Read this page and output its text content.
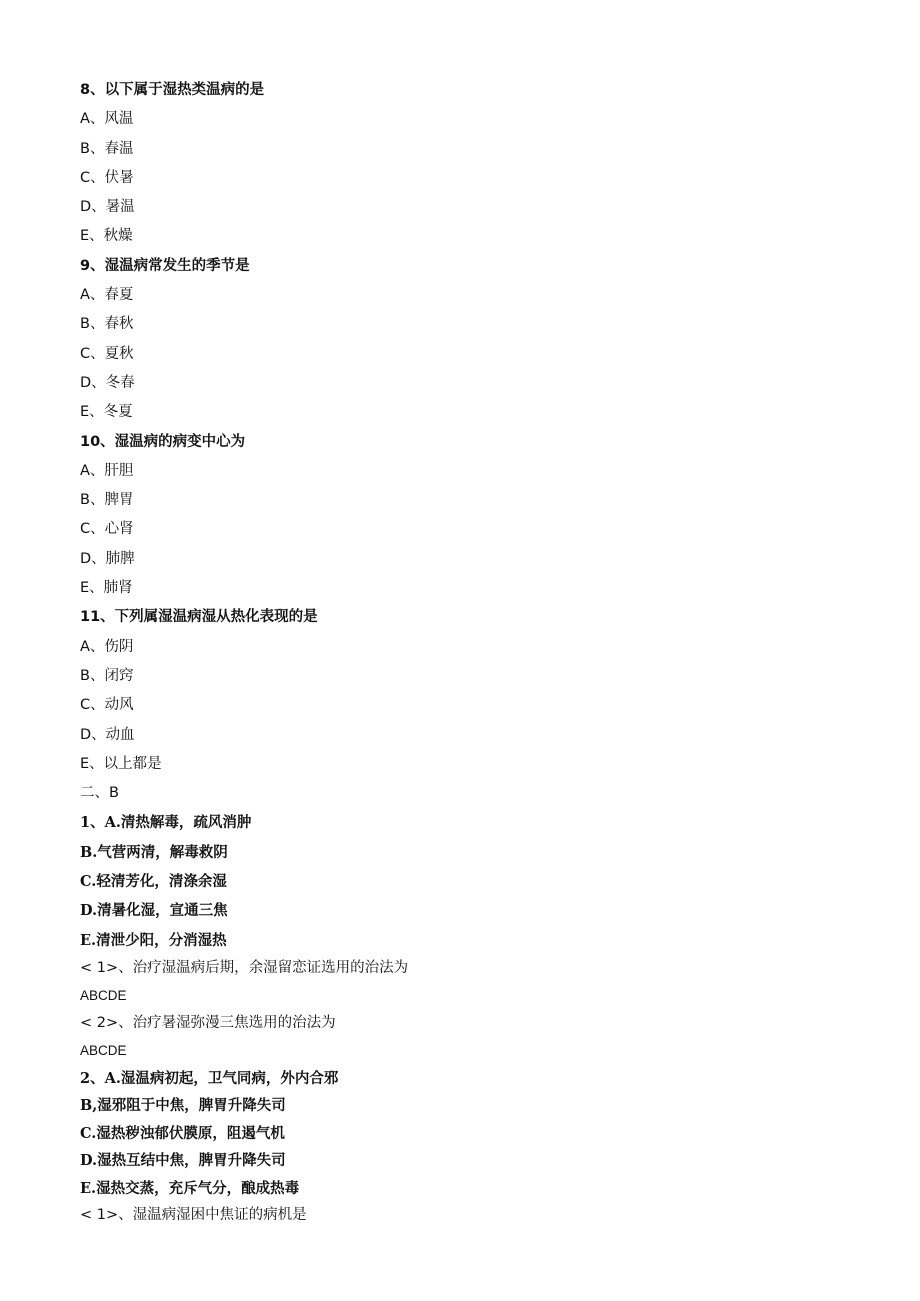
8、以下属于湿热类温病的是
A、风温
B、春温
C、伏暑
D、暑温
E、秋燥
9、湿温病常发生的季节是
A、春夏
B、春秋
C、夏秋
D、冬春
E、冬夏
10、湿温病的病变中心为
A、肝胆
B、脾胃
C、心肾
D、肺脾
E、肺肾
11、下列属湿温病湿从热化表现的是
A、伤阴
B、闭窍
C、动风
D、动血
E、以上都是
二、B
1、A.清热解毒，疏风消肿
B.气营两清，解毒救阴
C.轻清芳化，清涤余湿
D.清暑化湿，宣通三焦
E.清泄少阳，分消湿热
< 1>、治疗湿温病后期，余湿留恋证选用的治法为
ABCDE
< 2>、治疗暑湿弥漫三焦选用的治法为
ABCDE
2、A.湿温病初起，卫气同病，外内合邪
B,湿邪阻于中焦，脾胃升降失司
C.湿热秽浊郁伏膜原，阻遏气机
D.湿热互结中焦，脾胃升降失司
E.湿热交蒸，充斥气分，酿成热毒
< 1>、湿温病湿困中焦证的病机是
